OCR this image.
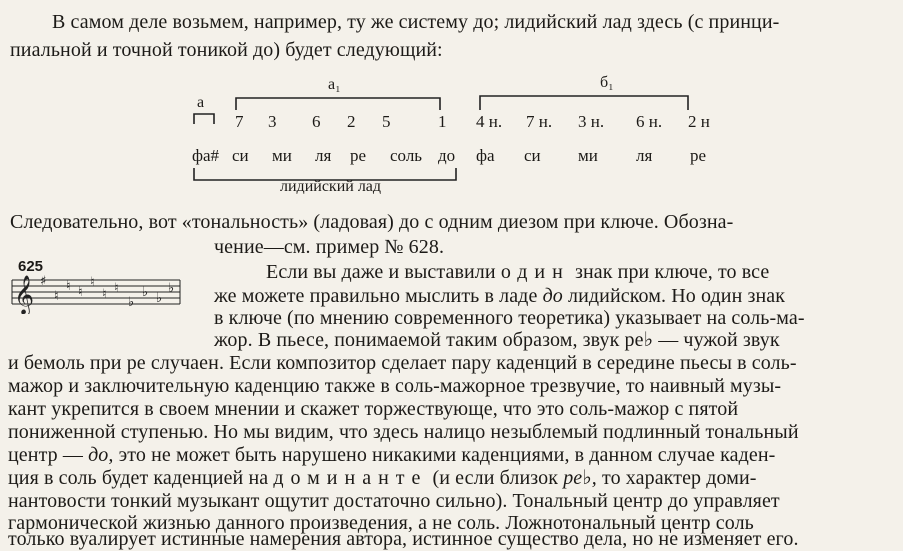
В самом деле возьмем, например, ту же систему до; лидийский лад здесь (с принци-
пиальной и точной тоникой до) будет следующий:
а
а₁	б₁
7 3 6 2 5	1 4 н. 7 н. 3 н. 6 н. 2 н
фа# си ми ля ре соль до фа си ми ля ре
лидийский лад
Следовательно, вот «тональность» (ладовая) до с одним диезом при ключе. Обозна-
чение—см. пример № 628.
625
𝄞 ♯
♮
♮ ♮
♮
♮ ♮
♭
♭ ♭
♭
Если вы даже и выставили один знак при ключе, то все
же можете правильно мыслить в ладе до лидийском. Но один знак
в ключе (по мнению современного теоретика) указывает на соль-ма-
жор. В пьесе, понимаемой таким образом, звук ре♭ — чужой звук
и бемоль при ре случаен. Если композитор сделает пару каденций в середине пьесы в соль-
мажор и заключительную каденцию также в соль-мажорное трезвучие, то наивный музы-
кант укрепится в своем мнении и скажет торжествующе, что это соль-мажор с пятой
пониженной ступенью. Но мы видим, что здесь налицо незыблемый подлинный тональный
центр — до, это не может быть нарушено никакими каденциями, в данном случае каден-
ция в соль будет каденцией на доминанте (и если близок ре♭, то характер доми-
нантовости тонкий музыкант ощутит достаточно сильно). Тональный центр до управляет
гармонической жизнью данного произведения, а не соль. Ложнотональный центр соль
только вуалирует истинные намерения автора, истинное существо дела, но не изменяет его.
